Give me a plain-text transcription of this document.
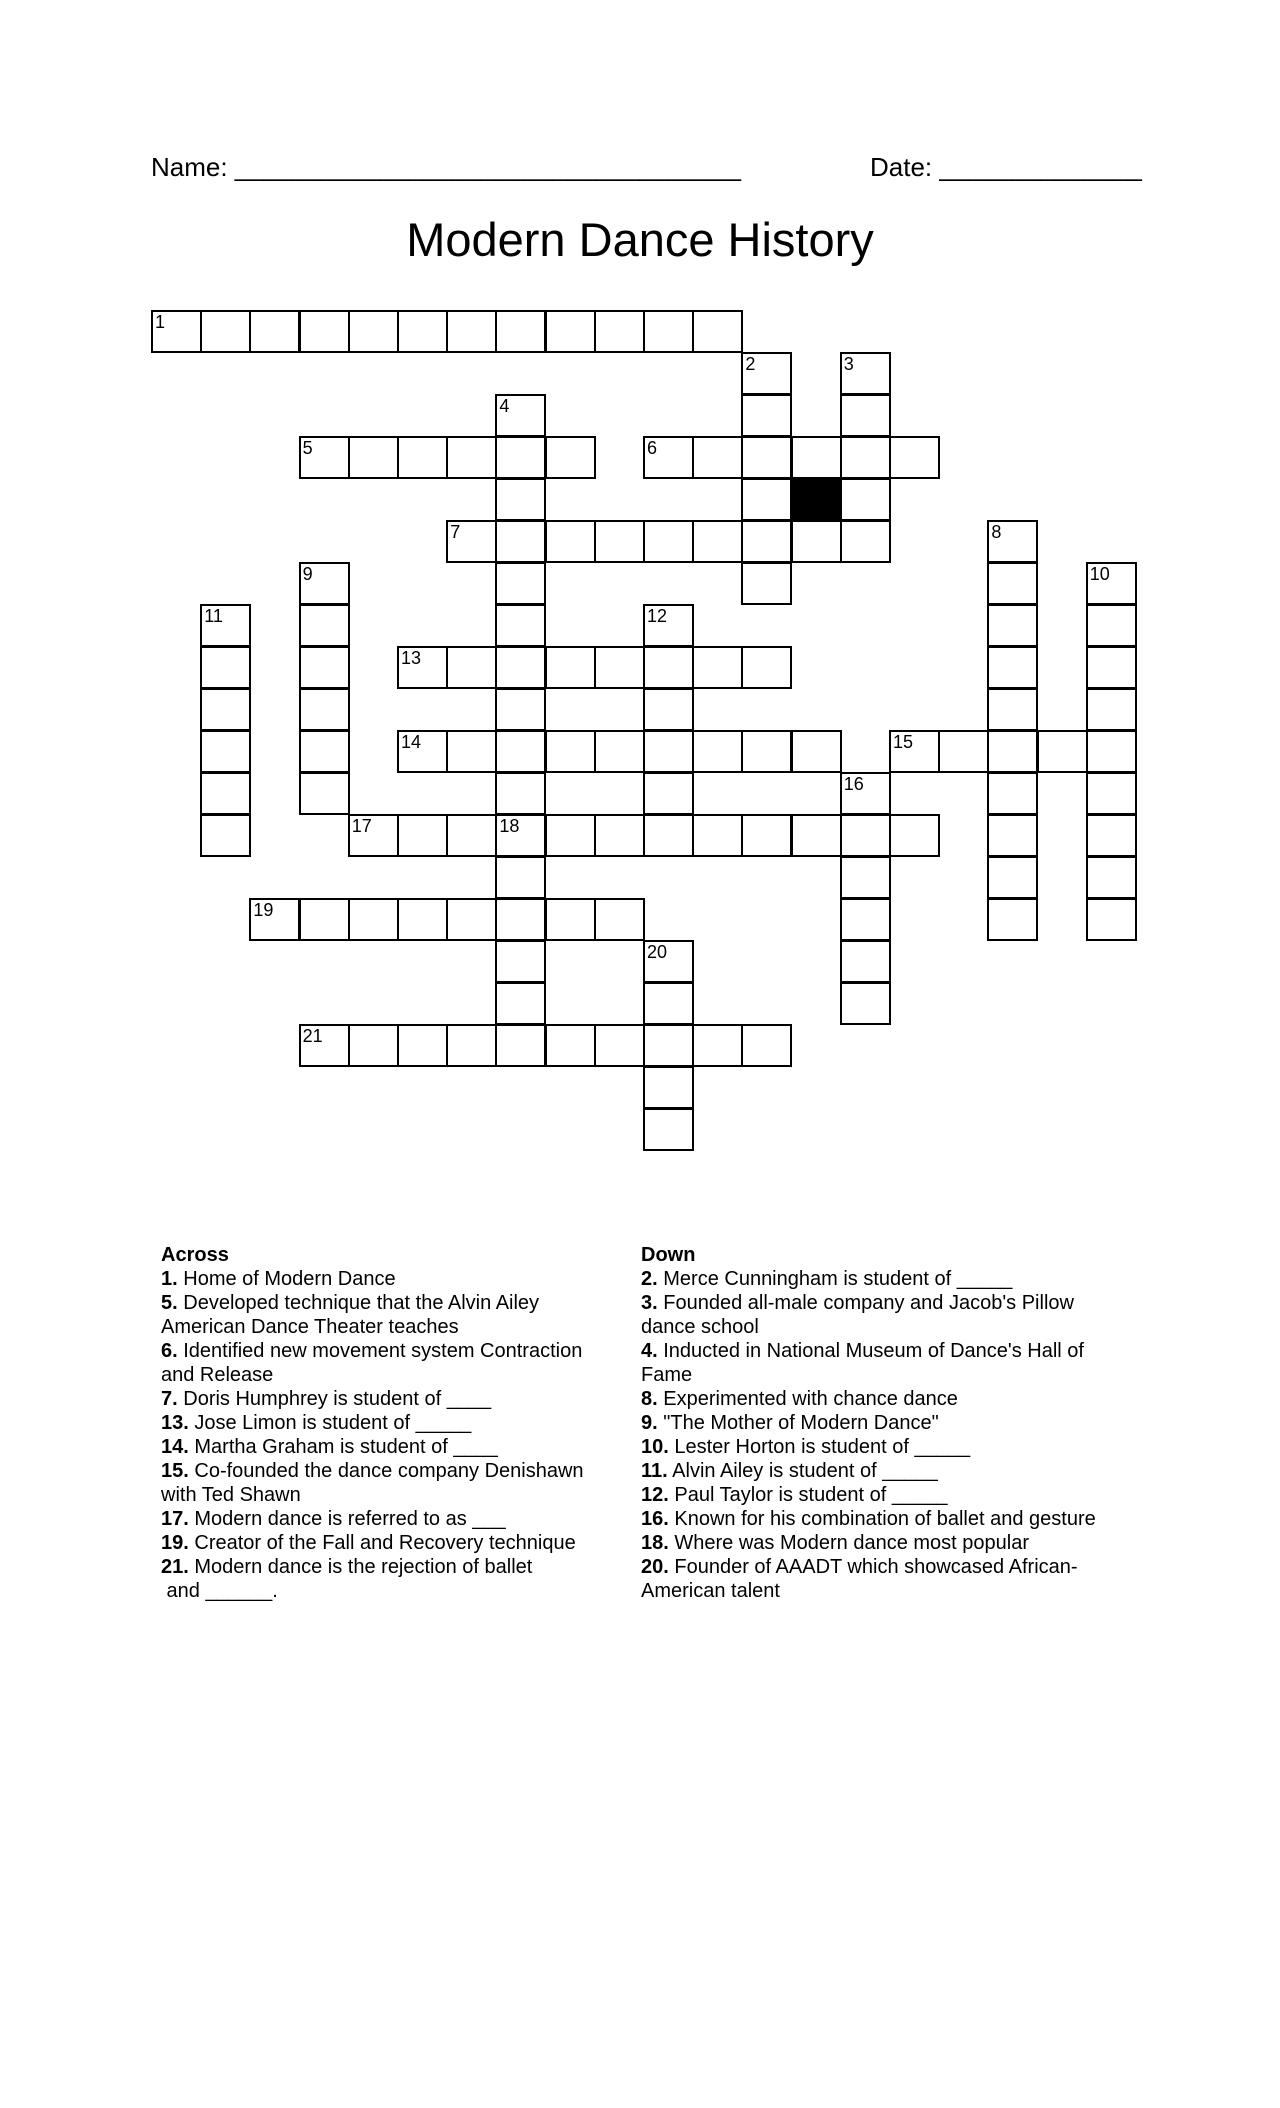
Name: ___________________________________	Date: ______________
Modern Dance History
1
2	3
4
18
5	6
7	8
9	10
11	12
13
14	15
16
17
19
20
21
Across
1. Home of Modern Dance
5. Developed technique that the Alvin Ailey
American Dance Theater teaches
6. Identified new movement system Contraction
and Release
7. Doris Humphrey is student of ____
13. Jose Limon is student of _____
14. Martha Graham is student of ____
15. Co-founded the dance company Denishawn
with Ted Shawn
17. Modern dance is referred to as ___
19. Creator of the Fall and Recovery technique
21. Modern dance is the rejection of ballet
and ______.
Down
2. Merce Cunningham is student of _____
3. Founded all-male company and Jacob's Pillow
dance school
4. Inducted in National Museum of Dance's Hall of
Fame
8. Experimented with chance dance
9. "The Mother of Modern Dance"
10. Lester Horton is student of _____
11. Alvin Ailey is student of _____
12. Paul Taylor is student of _____
16. Known for his combination of ballet and gesture
18. Where was Modern dance most popular
20. Founder of AAADT which showcased African-
American talent
